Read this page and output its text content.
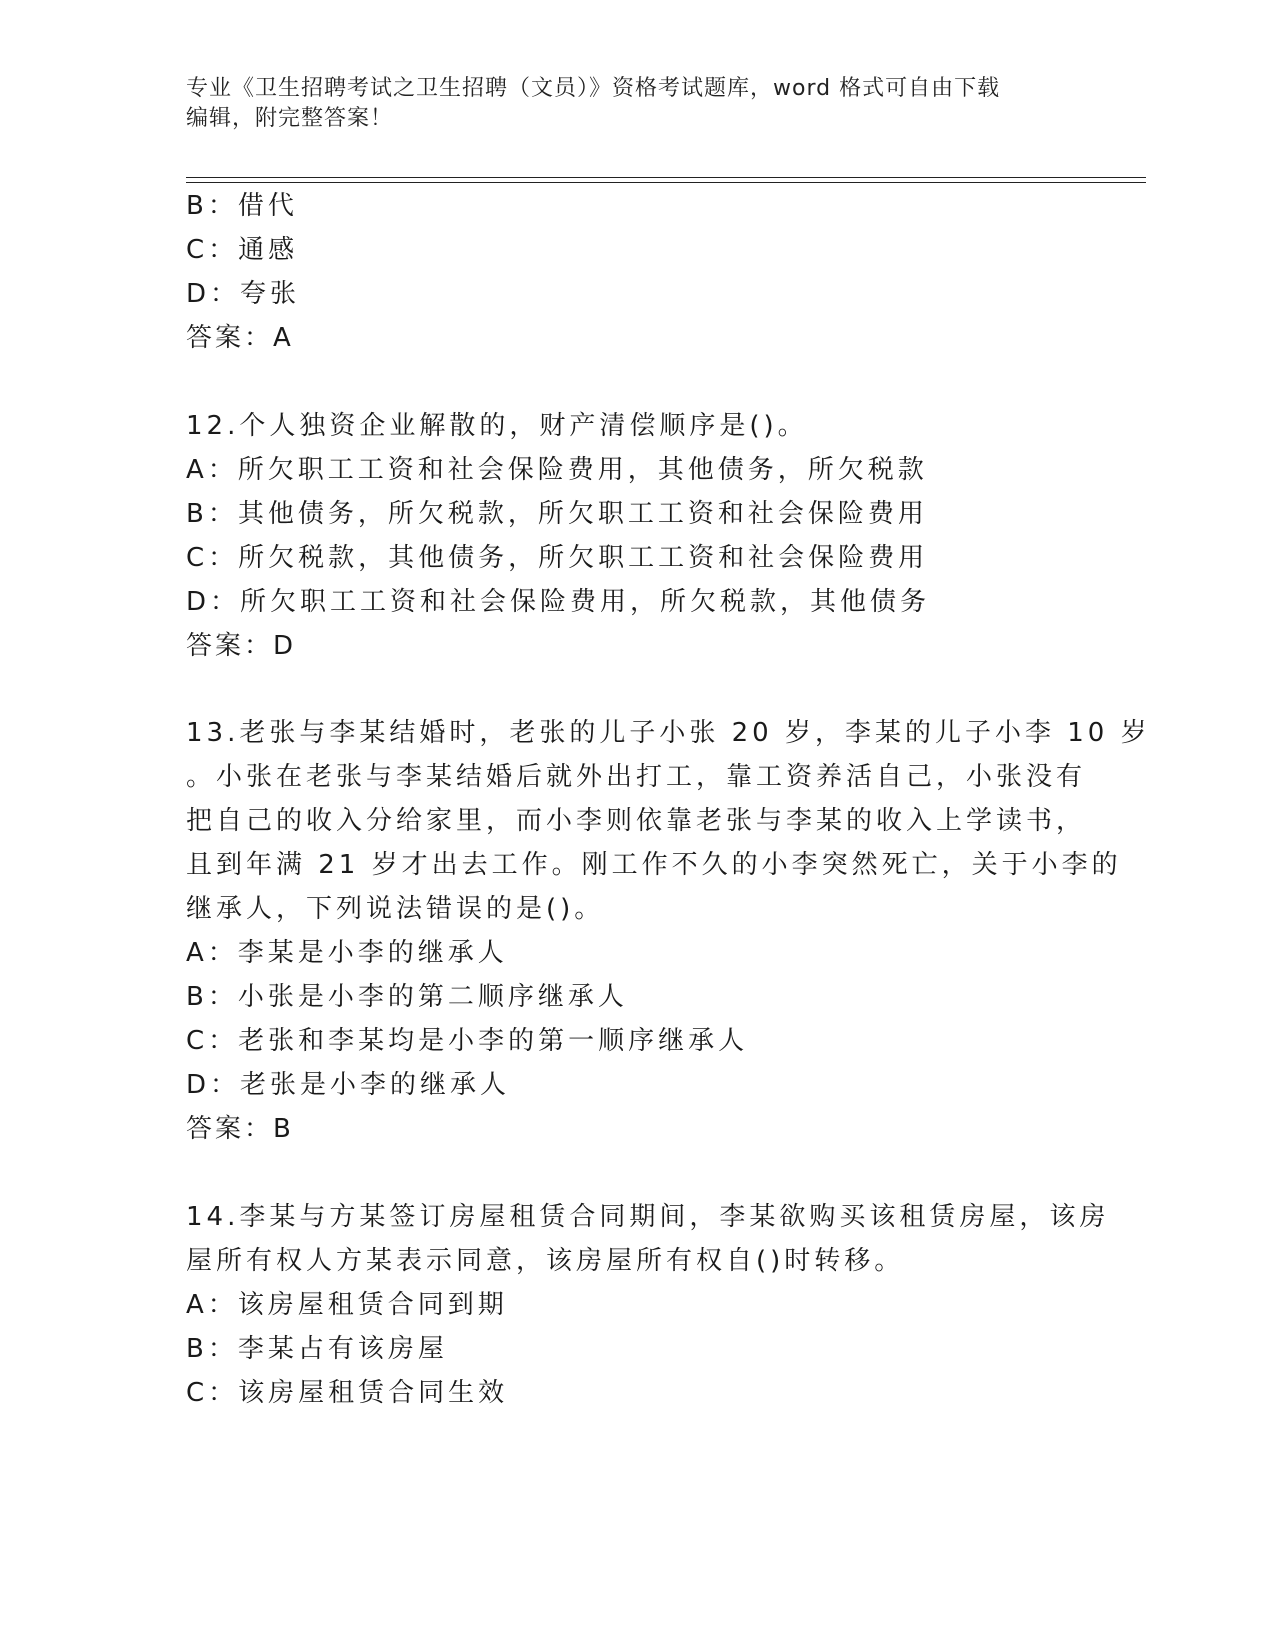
专业《卫生招聘考试之卫生招聘（文员）》资格考试题库，word 格式可自由下载
编辑，附完整答案！
B：借代
C：通感
D：夸张
答案：A
12.个人独资企业解散的，财产清偿顺序是()。
A：所欠职工工资和社会保险费用，其他债务，所欠税款
B：其他债务，所欠税款，所欠职工工资和社会保险费用
C：所欠税款，其他债务，所欠职工工资和社会保险费用
D：所欠职工工资和社会保险费用，所欠税款，其他债务
答案：D
13.老张与李某结婚时，老张的儿子小张 20 岁，李某的儿子小李 10 岁
。小张在老张与李某结婚后就外出打工，靠工资养活自己，小张没有
把自己的收入分给家里，而小李则依靠老张与李某的收入上学读书，
且到年满 21 岁才出去工作。刚工作不久的小李突然死亡，关于小李的
继承人，下列说法错误的是()。
A：李某是小李的继承人
B：小张是小李的第二顺序继承人
C：老张和李某均是小李的第一顺序继承人
D：老张是小李的继承人
答案：B
14.李某与方某签订房屋租赁合同期间，李某欲购买该租赁房屋，该房
屋所有权人方某表示同意，该房屋所有权自()时转移。
A：该房屋租赁合同到期
B：李某占有该房屋
C：该房屋租赁合同生效
